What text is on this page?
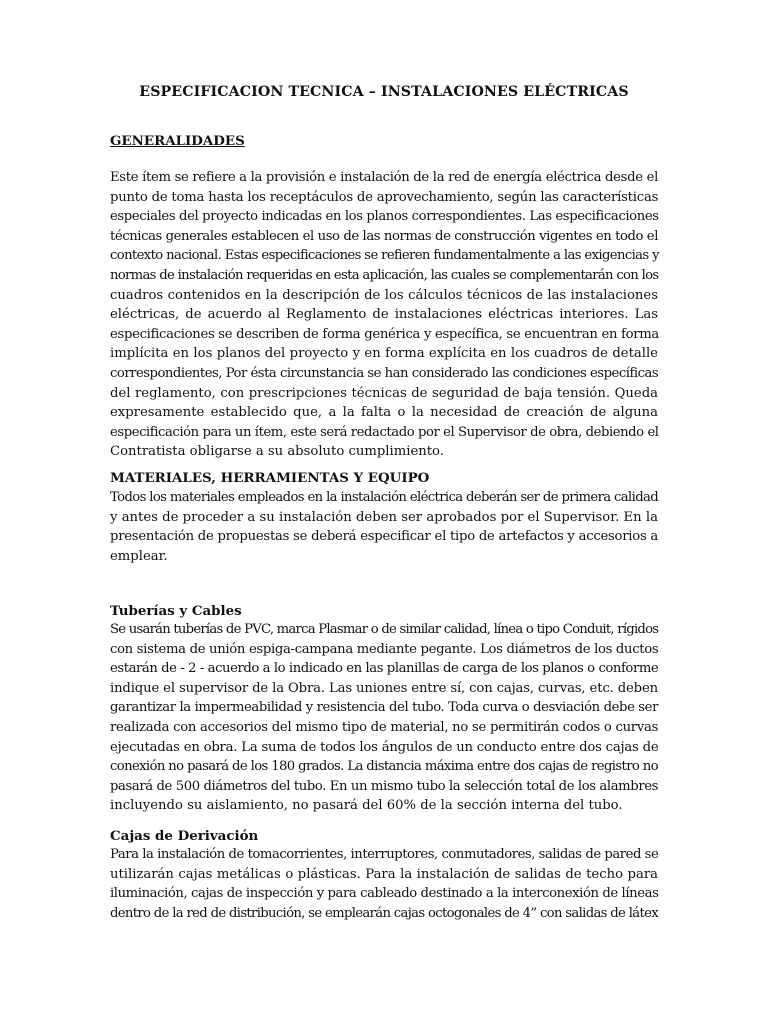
ESPECIFICACION TECNICA – INSTALACIONES ELÉCTRICAS
GENERALIDADES
Este ítem se refiere a la provisión e instalación de la red de energía eléctrica desde el
punto de toma hasta los receptáculos de aprovechamiento, según las características
especiales del proyecto indicadas en los planos correspondientes. Las especificaciones
técnicas generales establecen el uso de las normas de construcción vigentes en todo el
contexto nacional. Estas especificaciones se refieren fundamentalmente a las exigencias y
normas de instalación requeridas en esta aplicación, las cuales se complementarán con los
cuadros contenidos en la descripción de los cálculos técnicos de las instalaciones
eléctricas, de acuerdo al Reglamento de instalaciones eléctricas interiores. Las
especificaciones se describen de forma genérica y específica, se encuentran en forma
implícita en los planos del proyecto y en forma explícita en los cuadros de detalle
correspondientes, Por ésta circunstancia se han considerado las condiciones específicas
del reglamento, con prescripciones técnicas de seguridad de baja tensión. Queda
expresamente establecido que, a la falta o la necesidad de creación de alguna
especificación para un ítem, este será redactado por el Supervisor de obra, debiendo el
Contratista obligarse a su absoluto cumplimiento.
MATERIALES, HERRAMIENTAS Y EQUIPO
Todos los materiales empleados en la instalación eléctrica deberán ser de primera calidad
y antes de proceder a su instalación deben ser aprobados por el Supervisor. En la
presentación de propuestas se deberá especificar el tipo de artefactos y accesorios a
emplear.
Tuberías y Cables
Se usarán tuberías de PVC, marca Plasmar o de similar calidad, línea o tipo Conduit, rígidos
con sistema de unión espiga-campana mediante pegante. Los diámetros de los ductos
estarán de - 2 - acuerdo a lo indicado en las planillas de carga de los planos o conforme
indique el supervisor de la Obra. Las uniones entre sí, con cajas, curvas, etc. deben
garantizar la impermeabilidad y resistencia del tubo. Toda curva o desviación debe ser
realizada con accesorios del mismo tipo de material, no se permitirán codos o curvas
ejecutadas en obra. La suma de todos los ángulos de un conducto entre dos cajas de
conexión no pasará de los 180 grados. La distancia máxima entre dos cajas de registro no
pasará de 500 diámetros del tubo. En un mismo tubo la selección total de los alambres
incluyendo su aislamiento, no pasará del 60% de la sección interna del tubo.
Cajas de Derivación
Para la instalación de tomacorrientes, interruptores, conmutadores, salidas de pared se
utilizarán cajas metálicas o plásticas. Para la instalación de salidas de techo para
iluminación, cajas de inspección y para cableado destinado a la interconexión de líneas
dentro de la red de distribución, se emplearán cajas octogonales de 4” con salidas de látex
